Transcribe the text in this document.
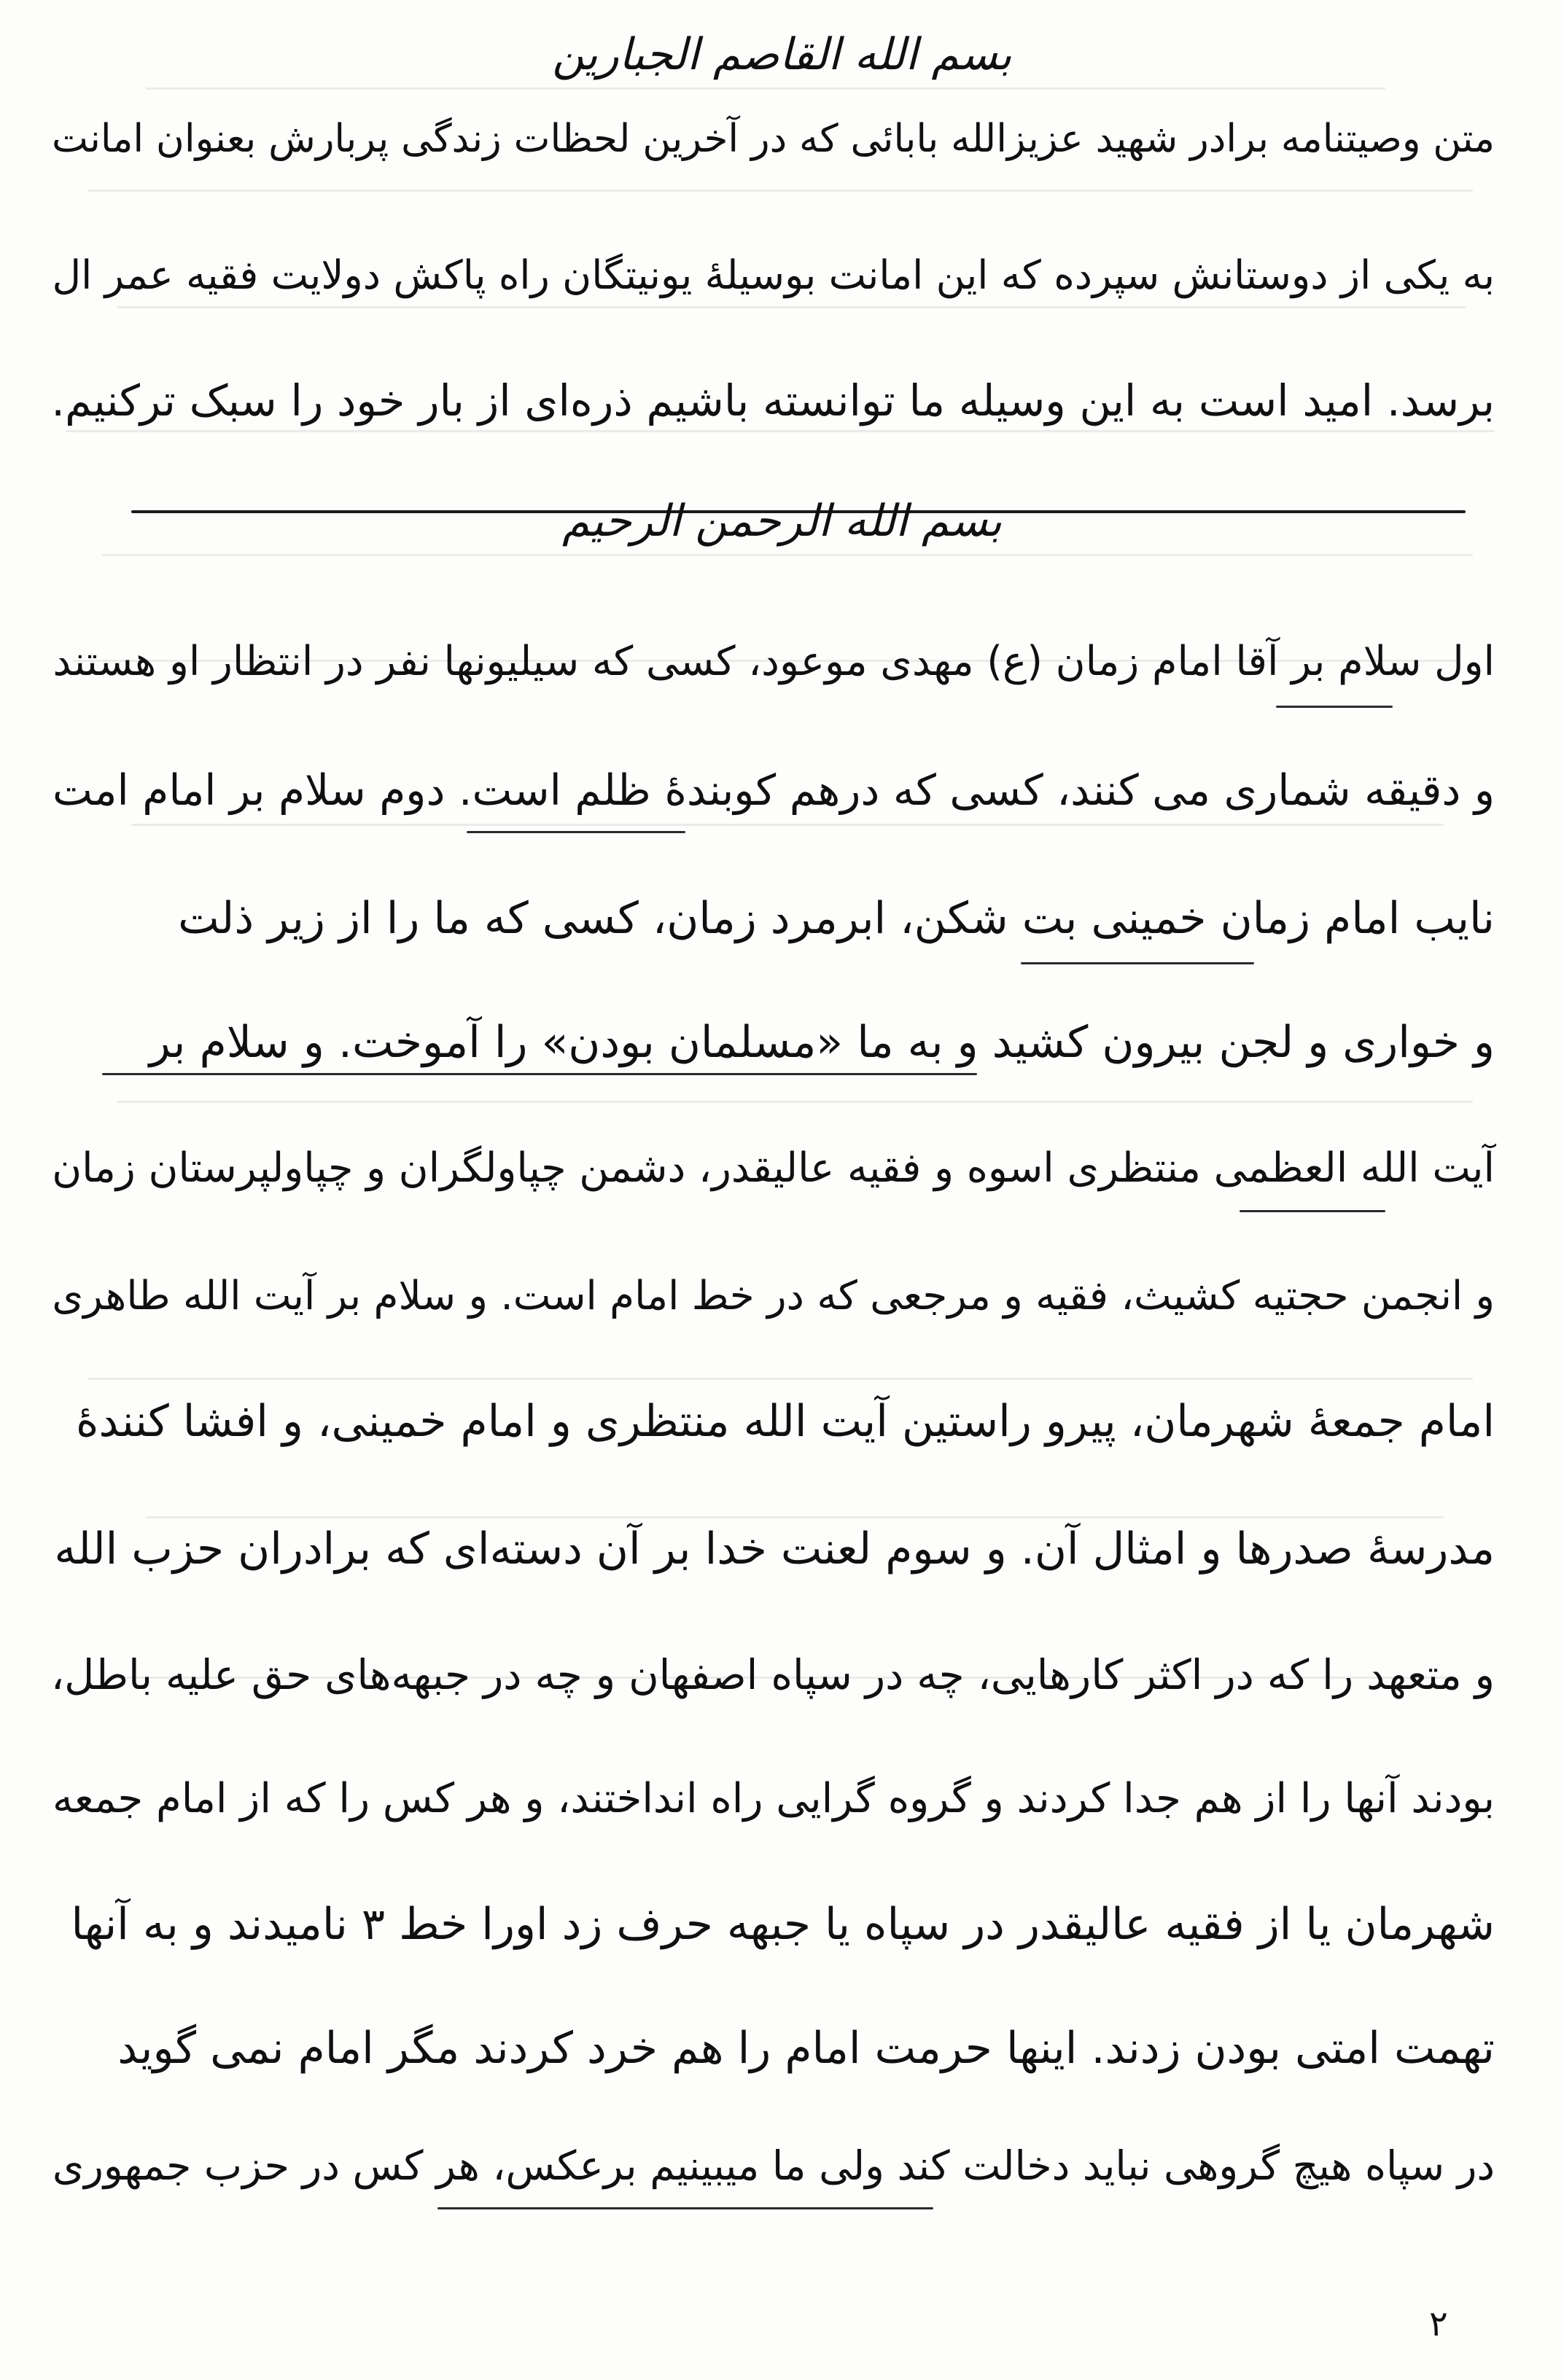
بسم الله القاصم الجبارین
متن وصیتنامه برادر شهید عزیزالله بابائی که در آخرین لحظات زندگی پربارش بعنوان امانت
به یکی از دوستانش سپرده که این امانت بوسیلهٔ یونیتگان راه پاکش دولایت فقیه عمر ال
برسد. امید است به این وسیله ما توانسته باشیم ذره‌ای از بار خود را سبک ترکنیم.
بسم الله الرحمن الرحیم
اول سلام بر آقا امام زمان (ع) مهدی موعود، کسی که سیلیونها نفر در انتظار او هستند
و دقیقه شماری می کنند، کسی که درهم کوبندهٔ ظلم است. دوم سلام بر امام امت
نایب امام زمان خمینی بت شکن، ابرمرد زمان، کسی که ما را از زیر ذلت
و خواری و لجن بیرون کشید و به ما «مسلمان بودن» را آموخت. و سلام بر
آیت الله العظمی منتظری اسوه و فقیه عالیقدر، دشمن چپاولگران و چپاولپرستان زمان
و انجمن حجتیه کشیث، فقیه و مرجعی که در خط امام است. و سلام بر آیت الله طاهری
امام جمعهٔ شهرمان، پیرو راستین آیت الله منتظری و امام خمینی، و افشا کنندهٔ
مدرسهٔ صدرها و امثال آن. و سوم لعنت خدا بر آن دسته‌ای که برادران حزب الله
و متعهد را که در اکثر کارهایی، چه در سپاه اصفهان و چه در جبهه‌های حق علیه باطل،
بودند آنها را از هم جدا کردند و گروه گرایی راه انداختند، و هر کس را که از امام جمعه
شهرمان یا از فقیه عالیقدر در سپاه یا جبهه حرف زد اورا خط ۳ نامیدند و به آنها
تهمت امتی بودن زدند. اینها حرمت امام را هم خرد کردند مگر امام نمی گوید
در سپاه هیچ گروهی نباید دخالت کند ولی ما میبینیم برعکس، هر کس در حزب جمهوری
۲
